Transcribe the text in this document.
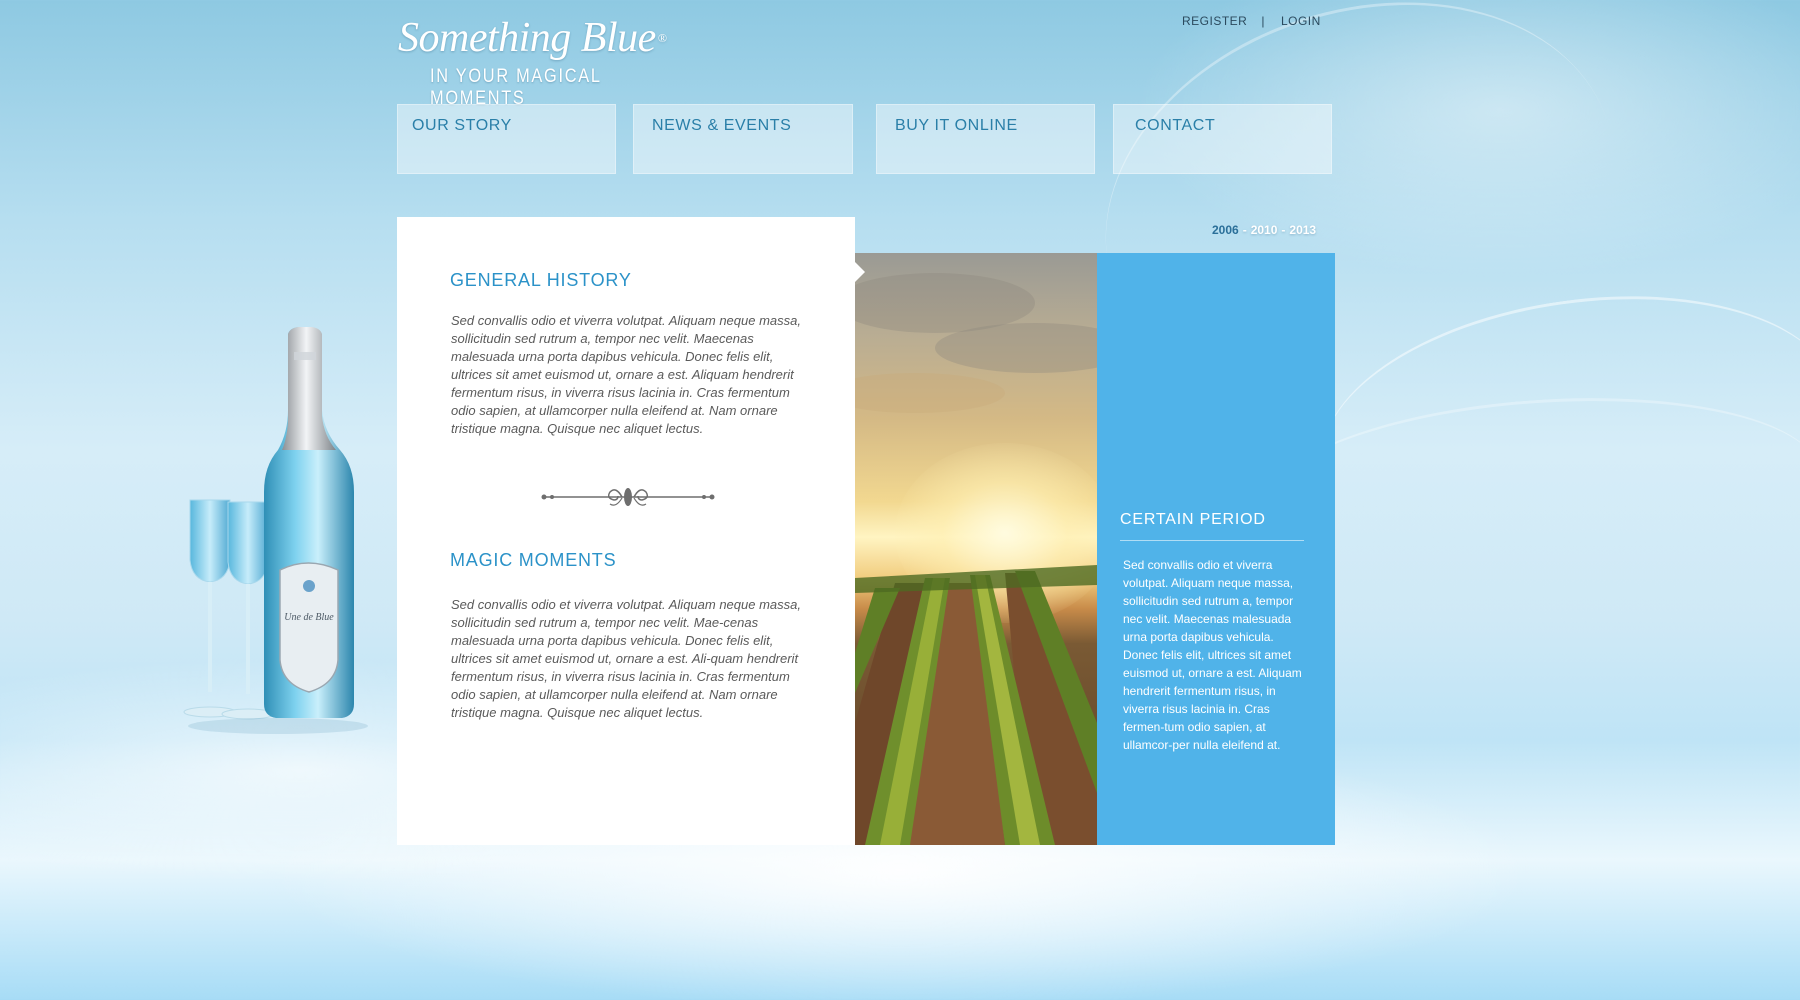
Something Blue ®
IN YOUR MAGICAL MOMENTS
REGISTER | LOGIN
OUR STORY	NEWS & EVENTS	BUY IT ONLINE	CONTACT
2006 - 2010 - 2013
Une de Blue
GENERAL HISTORY
Sed convallis odio et viverra volutpat. Aliquam neque massa, sollicitudin sed rutrum a, tempor nec velit. Maecenas malesuada urna porta dapibus vehicula. Donec felis elit, ultrices sit amet euismod ut, ornare a est. Aliquam hendrerit fermentum risus, in viverra risus lacinia in. Cras fermentum odio sapien, at ullamcorper nulla eleifend at. Nam ornare tristique magna. Quisque nec aliquet lectus.
MAGIC MOMENTS
Sed convallis odio et viverra volutpat. Aliquam neque massa, sollicitudin sed rutrum a, tempor nec velit. Mae-cenas malesuada urna porta dapibus vehicula. Donec felis elit, ultrices sit amet euismod ut, ornare a est. Ali-quam hendrerit fermentum risus, in viverra risus lacinia in. Cras fermentum odio sapien, at ullamcorper nulla eleifend at. Nam ornare tristique magna. Quisque nec aliquet lectus.
CERTAIN PERIOD
Sed convallis odio et viverra volutpat. Aliquam neque massa, sollicitudin sed rutrum a, tempor nec velit. Maecenas malesuada urna porta dapibus vehicula. Donec felis elit, ultrices sit amet euismod ut, ornare a est. Aliquam hendrerit fermentum risus, in viverra risus lacinia in. Cras fermen-tum odio sapien, at ullamcor-per nulla eleifend at.
